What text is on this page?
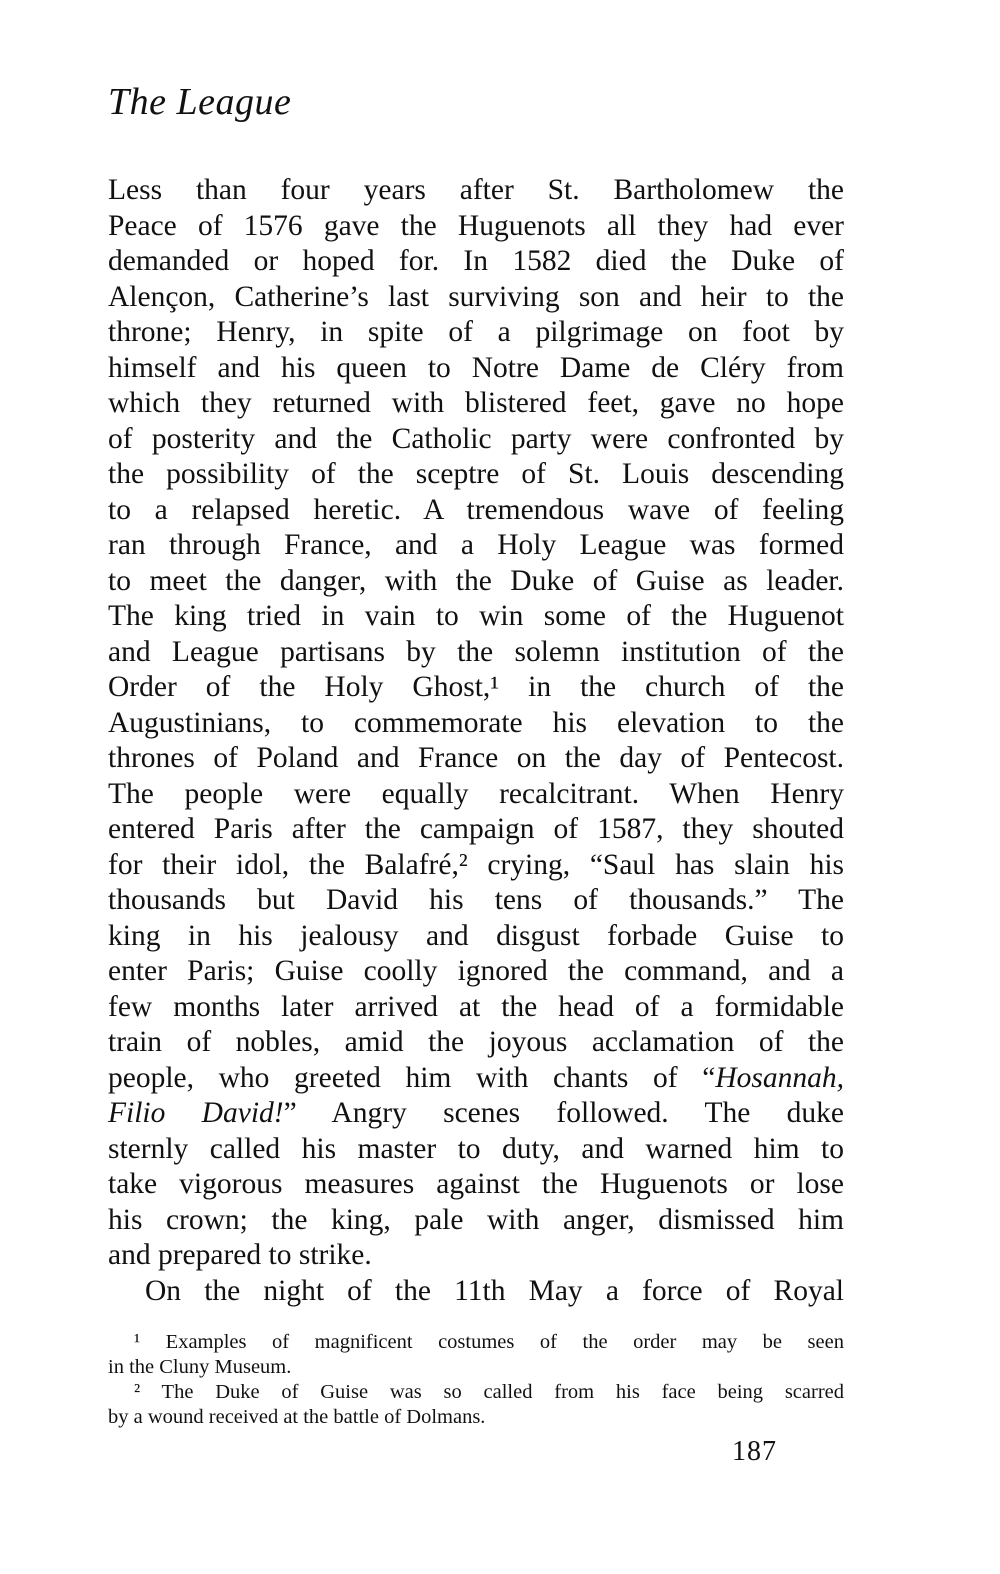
The League
Less than four years after St. Bartholomew the
Peace of 1576 gave the Huguenots all they had ever
demanded or hoped for. In 1582 died the Duke of
Alençon, Catherine’s last surviving son and heir to the
throne; Henry, in spite of a pilgrimage on foot by
himself and his queen to Notre Dame de Cléry from
which they returned with blistered feet, gave no hope
of posterity and the Catholic party were confronted by
the possibility of the sceptre of St. Louis descending
to a relapsed heretic. A tremendous wave of feeling
ran through France, and a Holy League was formed
to meet the danger, with the Duke of Guise as leader.
The king tried in vain to win some of the Huguenot
and League partisans by the solemn institution of the
Order of the Holy Ghost,¹ in the church of the
Augustinians, to commemorate his elevation to the
thrones of Poland and France on the day of Pentecost.
The people were equally recalcitrant. When Henry
entered Paris after the campaign of 1587, they shouted
for their idol, the Balafré,² crying, “Saul has slain his
thousands but David his tens of thousands.” The
king in his jealousy and disgust forbade Guise to
enter Paris; Guise coolly ignored the command, and a
few months later arrived at the head of a formidable
train of nobles, amid the joyous acclamation of the
people, who greeted him with chants of “Hosannah,
Filio David!” Angry scenes followed. The duke
sternly called his master to duty, and warned him to
take vigorous measures against the Huguenots or lose
his crown; the king, pale with anger, dismissed him
and prepared to strike.
On the night of the 11th May a force of Royal
¹ Examples of magnificent costumes of the order may be seen
in the Cluny Museum.
² The Duke of Guise was so called from his face being scarred
by a wound received at the battle of Dolmans.
187
